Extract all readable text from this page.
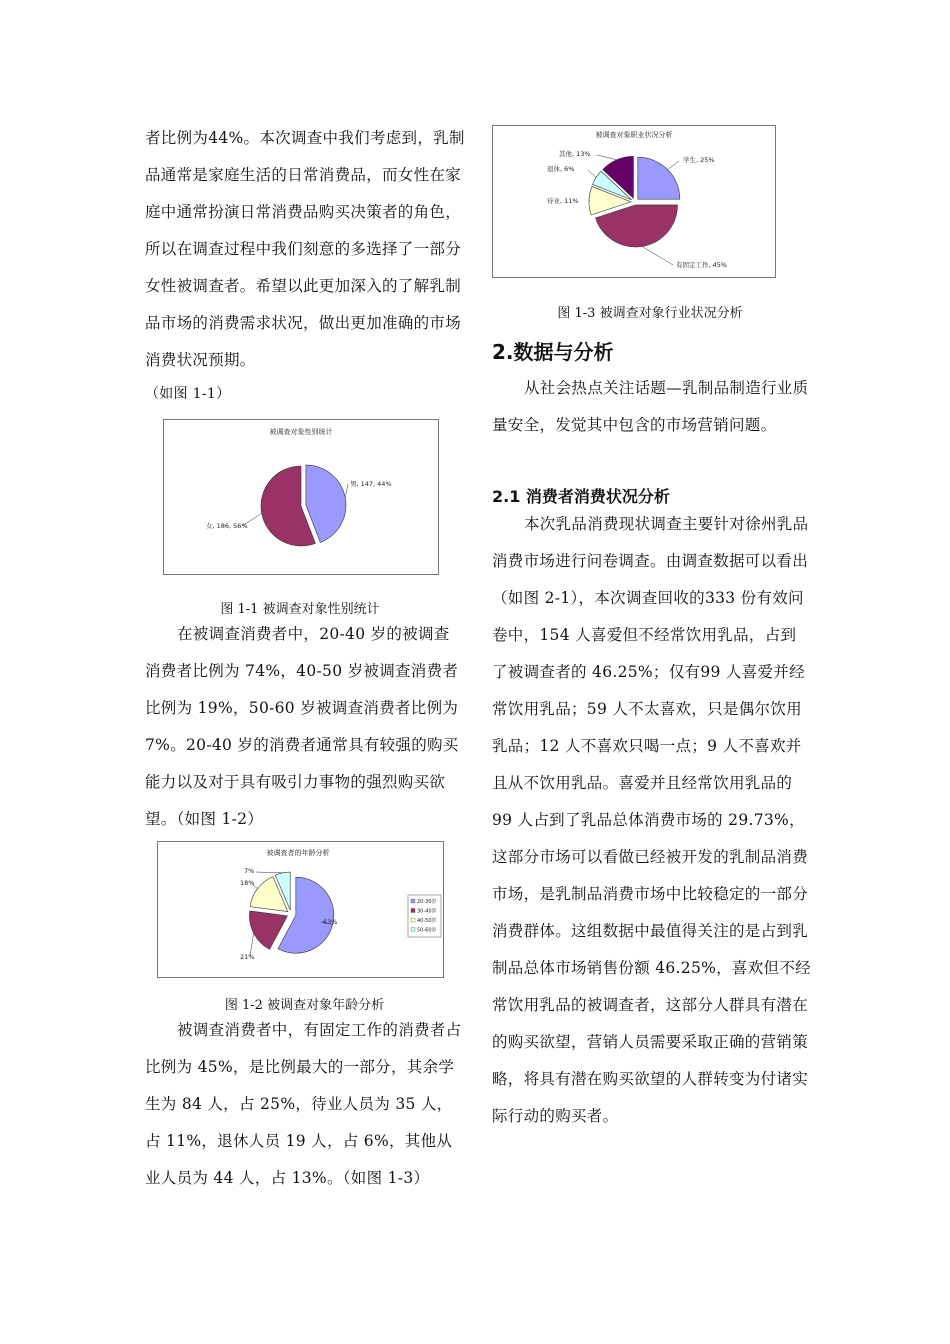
者比例为44%。本次调查中我们考虑到，乳制品通常是家庭生活的日常消费品，而女性在家庭中通常扮演日常消费品购买决策者的角色，所以在调查过程中我们刻意的多选择了一部分女性被调查者。希望以此更加深入的了解乳制品市场的消费需求状况，做出更加准确的市场消费状况预期。

（如图 1-1）

被调查对象性别统计
男, 147, 44%
女, 186, 56%
图 1-1 被调查对象性别统计

在被调查消费者中，20-40 岁的被调查消费者比例为 74%，40-50 岁被调查消费者比例为 19%，50-60 岁被调查消费者比例为 7%。20-40 岁的消费者通常具有较强的购买能力以及对于具有吸引力事物的强烈购买欲望。（如图 1-2）

被调查者的年龄分析
63%
21%
18%
7%
20-30岁
30-40岁
40-50岁
50-60岁
图 1-2 被调查对象年龄分析

被调查消费者中，有固定工作的消费者占比例为 45%，是比例最大的一部分，其余学生为 84 人，占 25%，待业人员为 35 人，占 11%，退休人员 19 人，占 6%，其他从业人员为 44 人，占 13%。（如图 1-3）

被调查对象职业状况分析
学生, 25%
有固定工作, 45%
待业, 11%
退休, 6%
其他, 13%
图 1-3 被调查对象行业状况分析
2.数据与分析

从社会热点关注话题—乳制品制造行业质量安全，发觉其中包含的市场营销问题。

2.1 消费者消费状况分析

本次乳品消费现状调查主要针对徐州乳品消费市场进行问卷调查。由调查数据可以看出（如图 2-1），本次调查回收的333 份有效问卷中，154 人喜爱但不经常饮用乳品，占到了被调查者的 46.25%；仅有99 人喜爱并经常饮用乳品；59 人不太喜欢，只是偶尔饮用乳品；12 人不喜欢只喝一点；9 人不喜欢并且从不饮用乳品。喜爱并且经常饮用乳品的 99 人占到了乳品总体消费市场的 29.73%，这部分市场可以看做已经被开发的乳制品消费市场，是乳制品消费市场中比较稳定的一部分消费群体。这组数据中最值得关注的是占到乳制品总体市场销售份额 46.25%，喜欢但不经常饮用乳品的被调查者，这部分人群具有潜在的购买欲望，营销人员需要采取正确的营销策略，将具有潜在购买欲望的人群转变为付诸实际行动的购买者。
